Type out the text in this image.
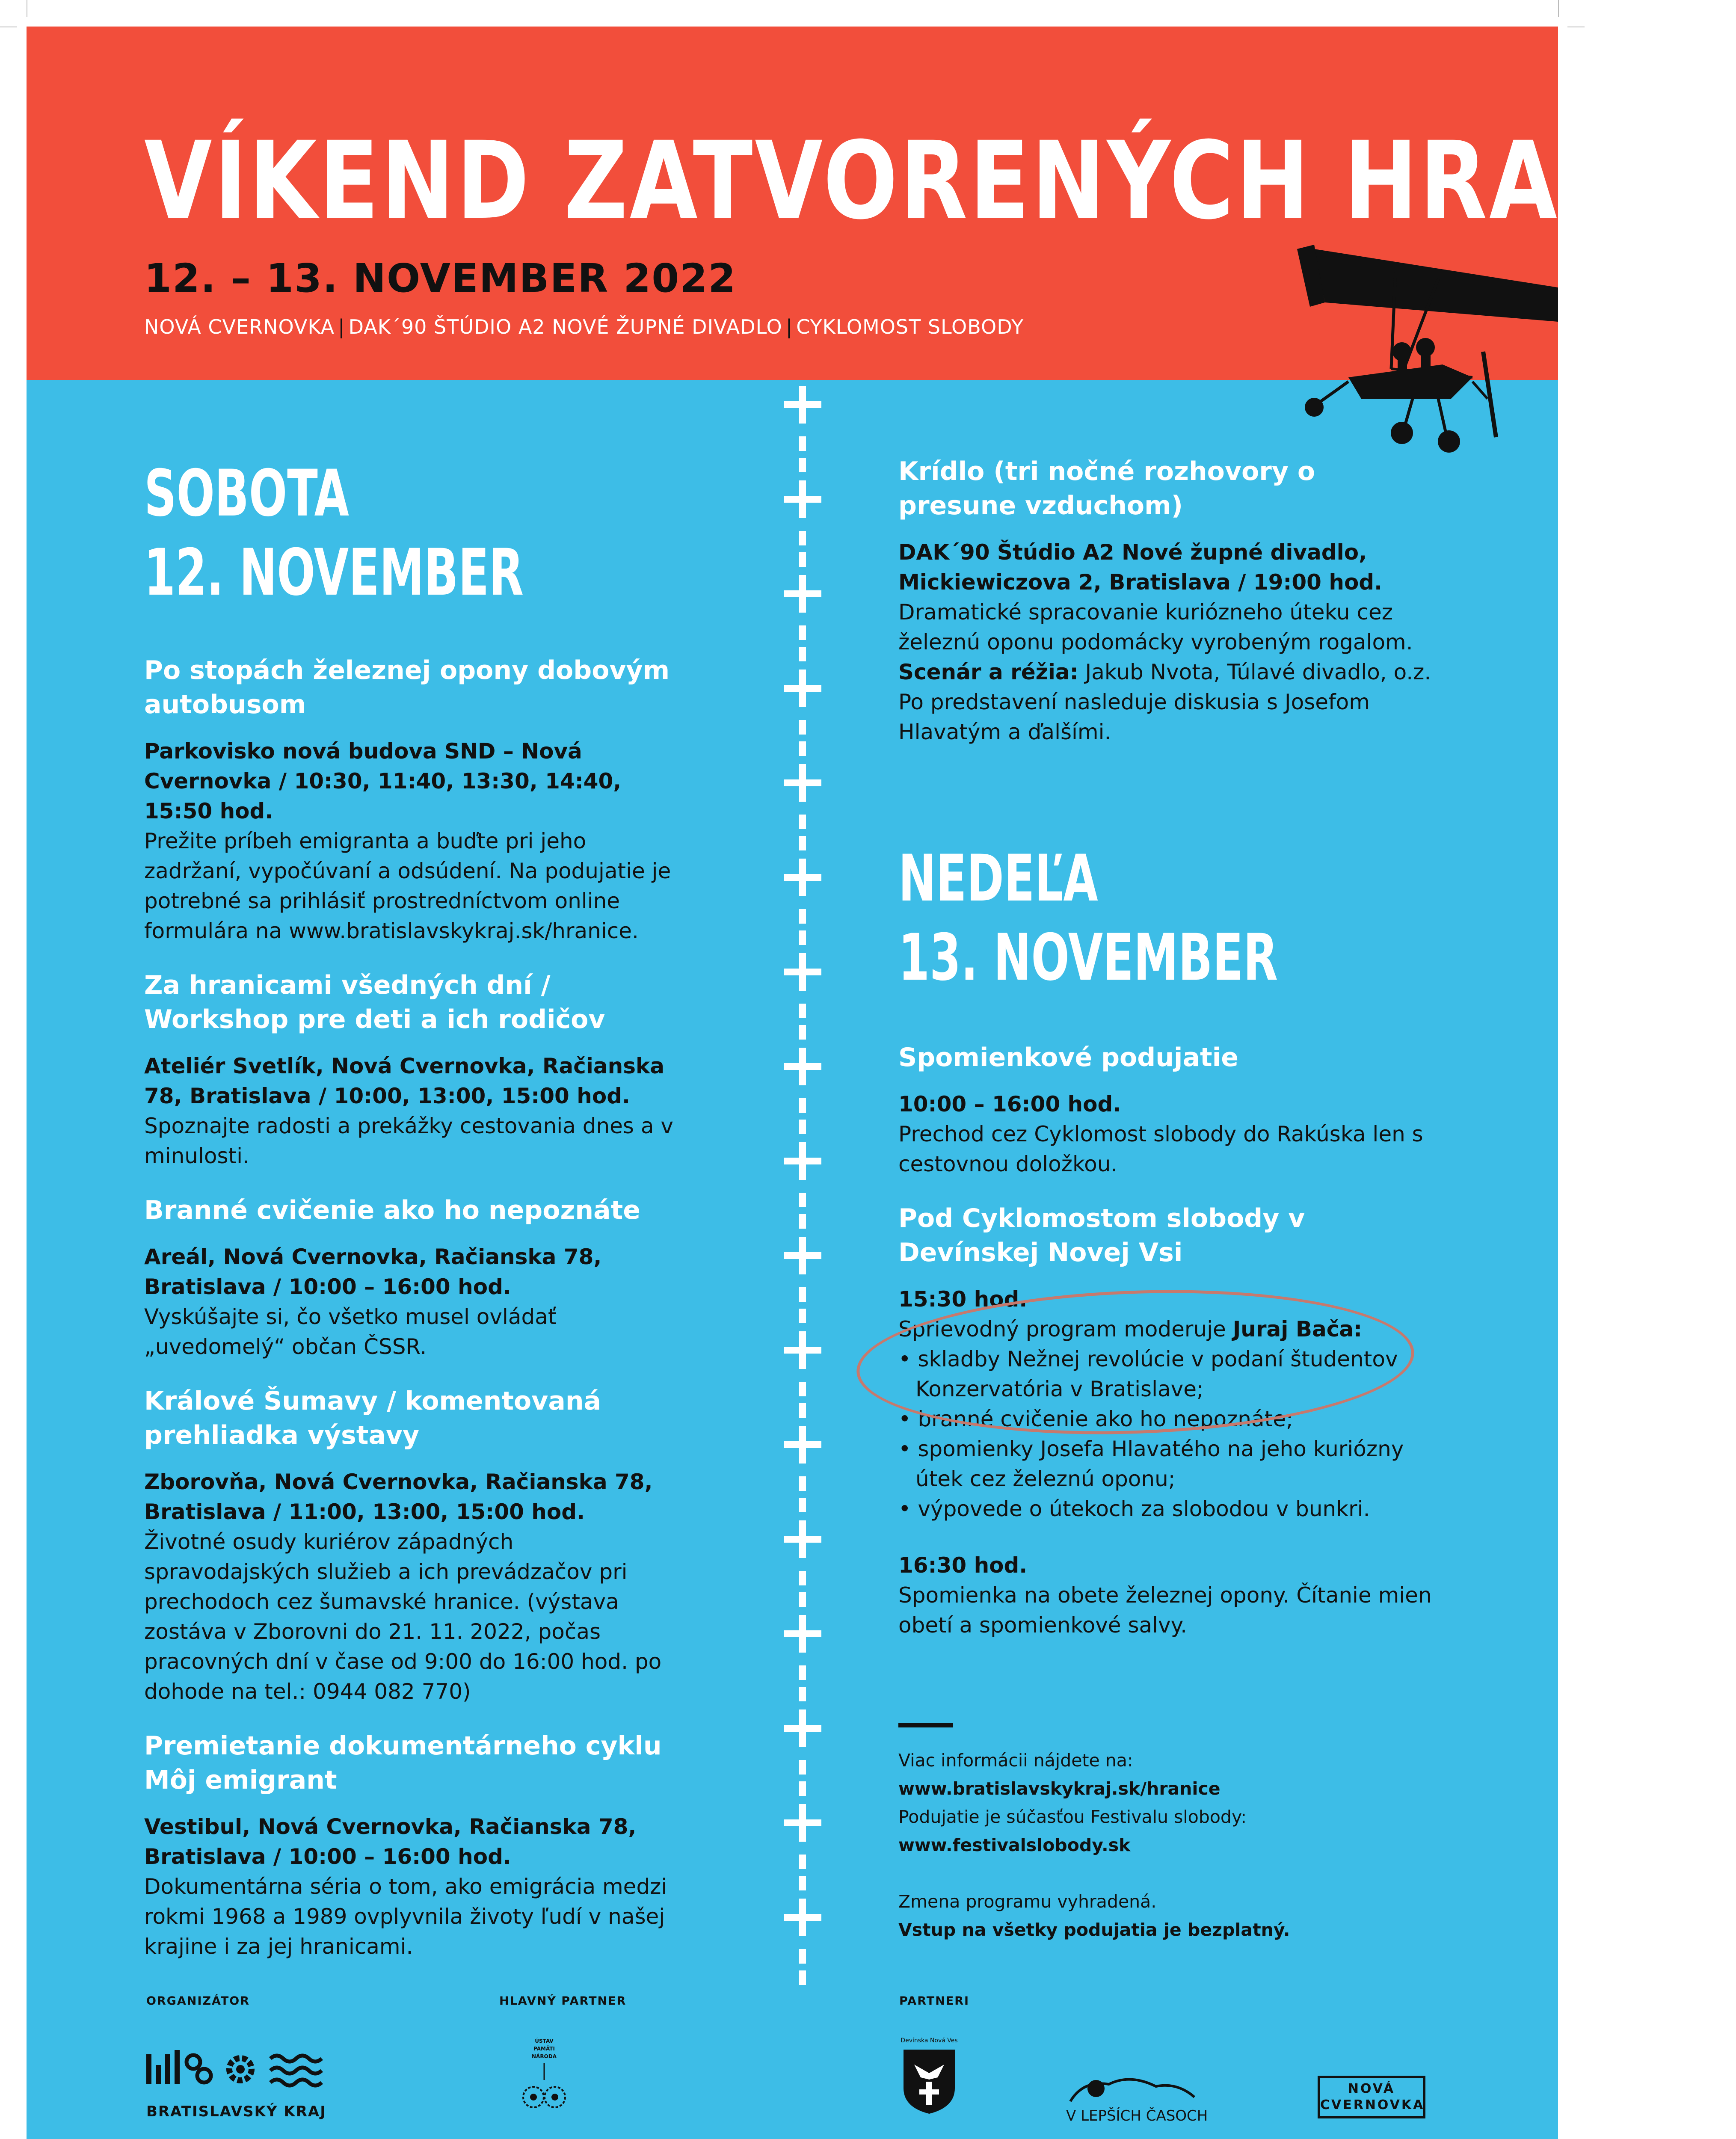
VÍKEND ZATVORENÝCH HRANÍC
12. – 13. NOVEMBER 2022
NOVÁ CVERNOVKA | DAK´90 ŠTÚDIO A2 NOVÉ ŽUPNÉ DIVADLO | CYKLOMOST SLOBODY
SOBOTA
12. NOVEMBER
Po stopách železnej opony dobovým autobusom
Parkovisko nová budova SND – Nová Cvernovka / 10:30, 11:40, 13:30, 14:40, 15:50 hod.
Prežite príbeh emigranta a buďte pri jeho zadržaní, vypočúvaní a odsúdení. Na podujatie je potrebné sa prihlásiť prostredníctvom online formulára na www.bratislavskykraj.sk/hranice.
Za hranicami všedných dní / Workshop pre deti a ich rodičov
Ateliér Svetlík, Nová Cvernovka, Račianska 78, Bratislava / 10:00, 13:00, 15:00 hod.
Spoznajte radosti a prekážky cestovania dnes a v minulosti.
Branné cvičenie ako ho nepoznáte
Areál, Nová Cvernovka, Račianska 78, Bratislava / 10:00 – 16:00 hod.
Vyskúšajte si, čo všetko musel ovládať „uvedomelý“ občan ČSSR.
Králové Šumavy / komentovaná prehliadka výstavy
Zborovňa, Nová Cvernovka, Račianska 78, Bratislava / 11:00, 13:00, 15:00 hod.
Životné osudy kuriérov západných spravodajských služieb a ich prevádzačov pri prechodoch cez šumavské hranice. (výstava zostáva v Zborovni do 21. 11. 2022, počas pracovných dní v čase od 9:00 do 16:00 hod. po dohode na tel.: 0944 082 770)
Premietanie dokumentárneho cyklu Môj emigrant
Vestibul, Nová Cvernovka, Račianska 78, Bratislava / 10:00 – 16:00 hod.
Dokumentárna séria o tom, ako emigrácia medzi rokmi 1968 a 1989 ovplyvnila životy ľudí v našej krajine i za jej hranicami.
Krídlo (tri nočné rozhovory o presune vzduchom)
DAK´90 Štúdio A2 Nové župné divadlo, Mickiewiczova 2, Bratislava / 19:00 hod.
Dramatické spracovanie kuriózneho úteku cez železnú oponu podomácky vyrobeným rogalom.
Scenár a réžia: Jakub Nvota, Túlavé divadlo, o.z.
Po predstavení nasleduje diskusia s Josefom Hlavatým a ďalšími.
NEDEĽA
13. NOVEMBER
Spomienkové podujatie
10:00 – 16:00 hod.
Prechod cez Cyklomost slobody do Rakúska len s cestovnou doložkou.
Pod Cyklomostom slobody v Devínskej Novej Vsi
15:30 hod.
Sprievodný program moderuje Juraj Bača:
• skladby Nežnej revolúcie v podaní študentov Konzervatória v Bratislave;
• branné cvičenie ako ho nepoznáte;
• spomienky Josefa Hlavatého na jeho kuriózny útek cez železnú oponu;
• výpovede o útekoch za slobodou v bunkri.
16:30 hod.
Spomienka na obete železnej opony. Čítanie mien obetí a spomienkové salvy.
Viac informácii nájdete na:
www.bratislavskykraj.sk/hranice
Podujatie je súčasťou Festivalu slobody:
www.festivalslobody.sk
Zmena programu vyhradená.
Vstup na všetky podujatia je bezplatný.
ORGANIZÁTOR	HLAVNÝ PARTNER	PARTNERI
BRATISLAVSKÝ KRAJ
ÚSTAV PAMÄTI NÁRODA
Devínska Nová Ves
V LEPŠÍCH ČASOCH
NOVÁ
CVERNOVKA
